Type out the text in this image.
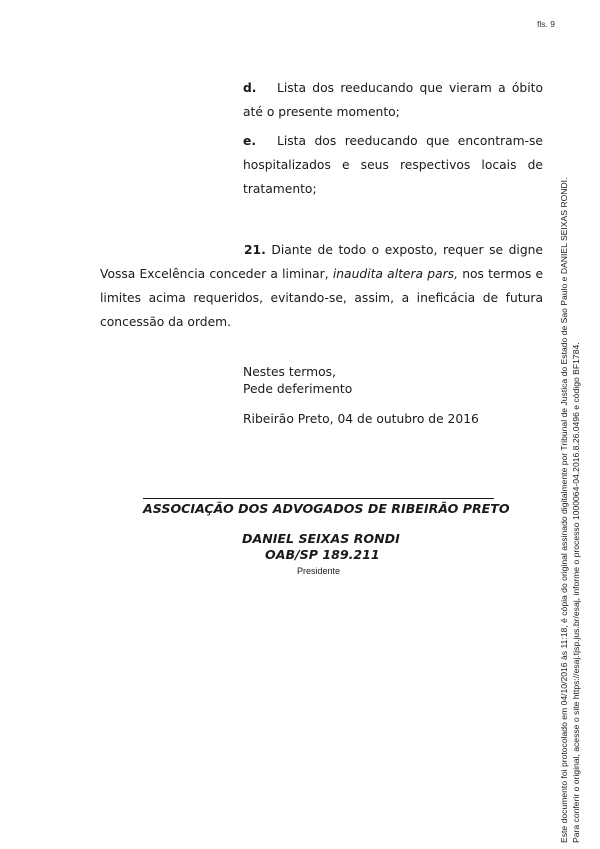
fls. 9
d. Lista dos reeducando que vieram a óbito até o presente momento;
e. Lista dos reeducando que encontram-se hospitalizados e seus respectivos locais de tratamento;
21. Diante de todo o exposto, requer se digne Vossa Excelência conceder a liminar, inaudita altera pars, nos termos e limites acima requeridos, evitando-se, assim, a ineficácia de futura concessão da ordem.
Nestes termos,
Pede deferimento
Ribeirão Preto, 04 de outubro de 2016
ASSOCIAÇÃO DOS ADVOGADOS DE RIBEIRÃO PRETO
DANIEL SEIXAS RONDI
OAB/SP 189.211
Presidente	Este documento foi protocolado em 04/10/2016 às 11:18, é cópia do original assinado digitalmente por Tribunal de Justica do Estado de Sao Paulo e DANIEL SEIXAS RONDI. Para conferir o original, acesse o site https://esaj.tjsp.jus.br/esaj, informe o processo 1000064-04.2016.8.26.0496 e código BF1784.
